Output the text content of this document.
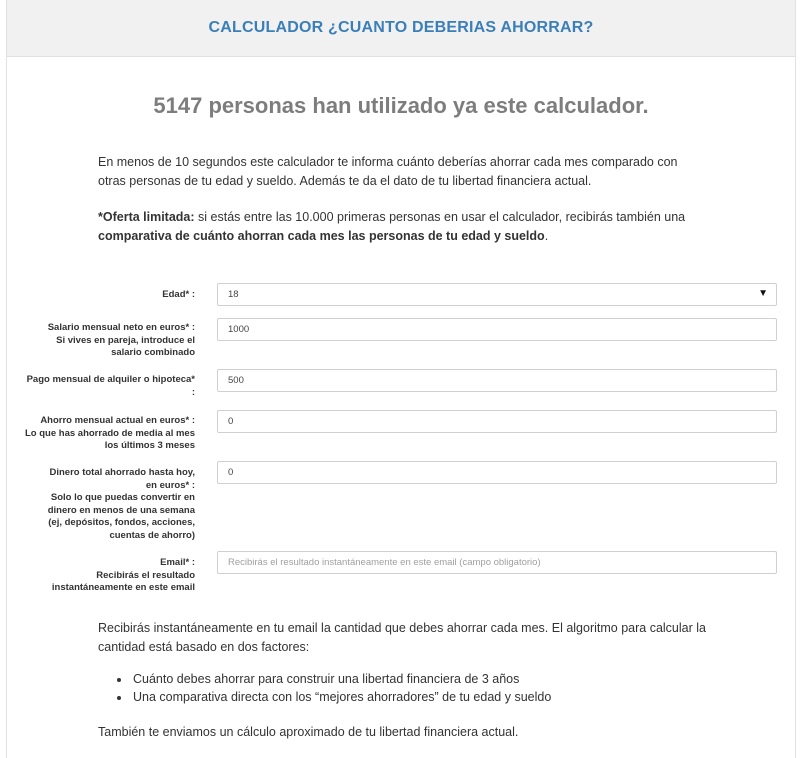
CALCULADOR ¿CUANTO DEBERIAS AHORRAR?
5147 personas han utilizado ya este calculador.
En menos de 10 segundos este calculador te informa cuánto deberías ahorrar cada mes comparado con otras personas de tu edad y sueldo. Además te da el dato de tu libertad financiera actual.
*Oferta limitada: si estás entre las 10.000 primeras personas en usar el calculador, recibirás también una comparativa de cuánto ahorran cada mes las personas de tu edad y sueldo.
Edad* :	18	▼
Salario mensual neto en euros* :
Si vives en pareja, introduce el salario combinado
1000
Pago mensual de alquiler o hipoteca* :
500
Ahorro mensual actual en euros* :
Lo que has ahorrado de media al mes los últimos 3 meses
0
Dinero total ahorrado hasta hoy, en euros* :
Solo lo que puedas convertir en dinero en menos de una semana (ej, depósitos, fondos, acciones, cuentas de ahorro)
0
Email* :
Recibirás el resultado instantáneamente en este email
Recibirás el resultado instantáneamente en este email (campo obligatorio)
Recibirás instantáneamente en tu email la cantidad que debes ahorrar cada mes. El algoritmo para calcular la cantidad está basado en dos factores:
• Cuánto debes ahorrar para construir una libertad financiera de 3 años
• Una comparativa directa con los “mejores ahorradores” de tu edad y sueldo
También te enviamos un cálculo aproximado de tu libertad financiera actual.
